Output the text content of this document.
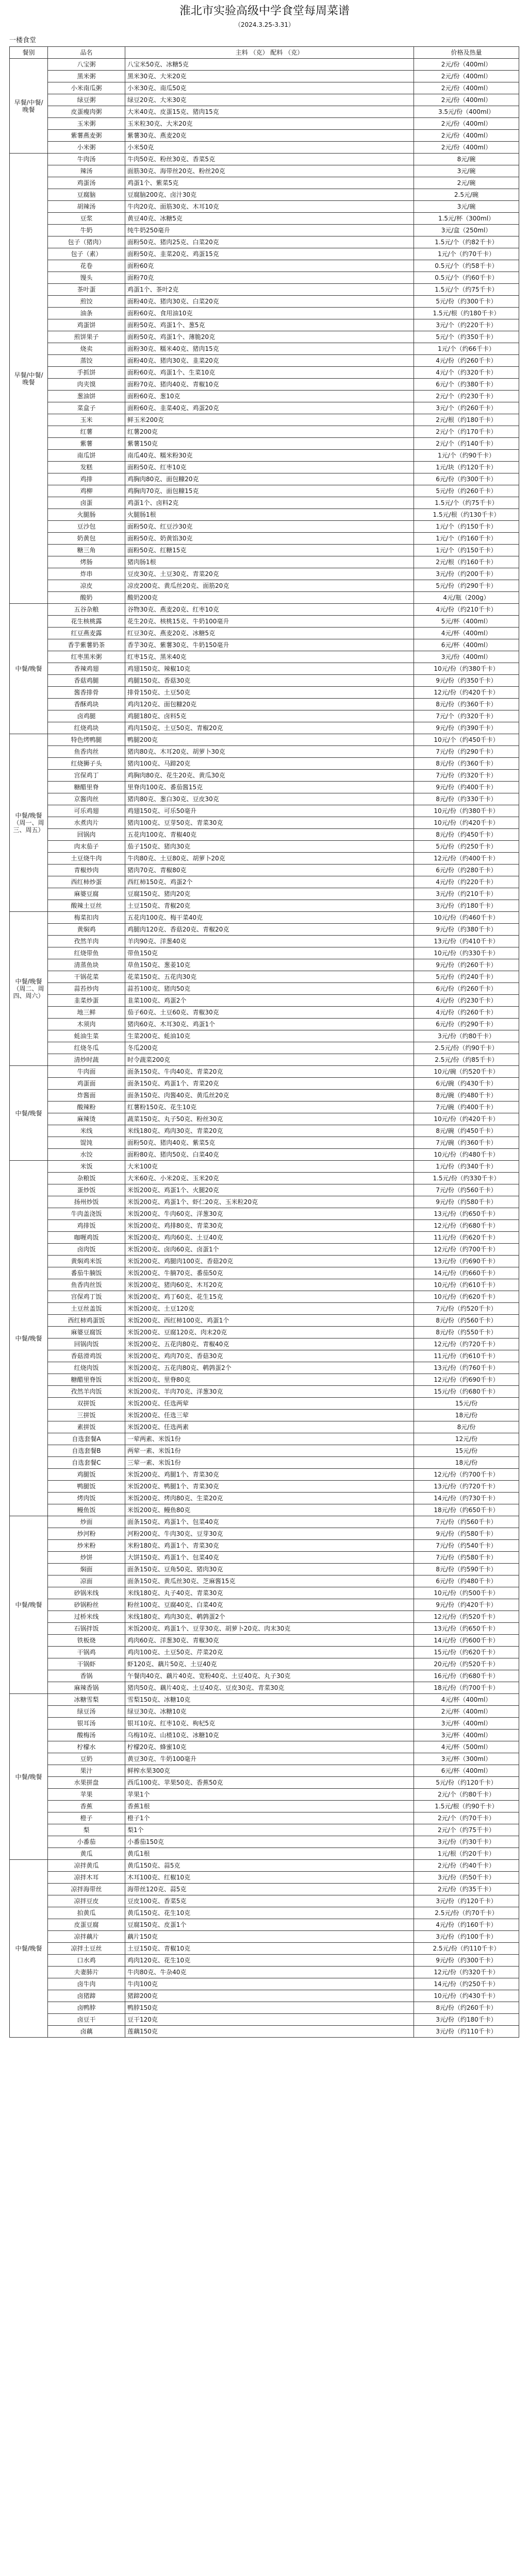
淮北市实验高级中学食堂每周菜谱
（2024.3.25-3.31）
一楼食堂
餐别	品名	主料 （克） 配料 （克）	价格及热量
早餐/中餐/晚餐	八宝粥	八宝米50克、冰糖5克	2元/份（400ml）
	黑米粥	黑米30克、大米20克	2元/份（400ml）
	小米南瓜粥	小米30克、南瓜50克	2元/份（400ml）
	绿豆粥	绿豆20克、大米30克	2元/份（400ml）
	皮蛋瘦肉粥	大米40克、皮蛋15克、猪肉15克	3.5元/份（400ml）
	玉米粥	玉米粒30克、大米20克	2元/份（400ml）
	紫薯燕麦粥	紫薯30克、燕麦20克	2元/份（400ml）
	小米粥	小米50克	2元/份（400ml）
早餐/中餐/晚餐	牛肉汤	牛肉50克、粉丝30克、香菜5克	8元/碗
	辣汤	面筋30克、海带丝20克、粉丝20克	3元/碗
	鸡蛋汤	鸡蛋1个、紫菜5克	2元/碗
	豆腐脑	豆腐脑200克、卤汁30克	2.5元/碗
	胡辣汤	牛肉20克、面筋30克、木耳10克	3元/碗
	豆浆	黄豆40克、冰糖5克	1.5元/杯（300ml）
	牛奶	纯牛奶250毫升	3元/盒（250ml）
	包子（猪肉）	面粉50克、猪肉25克、白菜20克	1.5元/个（约82千卡）
	包子（素）	面粉50克、韭菜20克、鸡蛋15克	1元/个（约70千卡）
	花卷	面粉60克	0.5元/个（约58千卡）
	馒头	面粉70克	0.5元/个（约60千卡）
	茶叶蛋	鸡蛋1个、茶叶2克	1.5元/个（约75千卡）
	煎饺	面粉40克、猪肉30克、白菜20克	5元/份（约300千卡）
	油条	面粉60克、食用油10克	1.5元/根（约180千卡）
	鸡蛋饼	面粉50克、鸡蛋1个、葱5克	3元/个（约220千卡）
	煎饼果子	面粉50克、鸡蛋1个、薄脆20克	5元/个（约350千卡）
	烧卖	面粉30克、糯米40克、猪肉15克	1元/个（约66千卡）
	蒸饺	面粉40克、猪肉30克、韭菜20克	4元/份（约260千卡）
	手抓饼	面粉60克、鸡蛋1个、生菜10克	4元/个（约320千卡）
	肉夹馍	面粉70克、猪肉40克、青椒10克	6元/个（约380千卡）
	葱油饼	面粉60克、葱10克	2元/个（约230千卡）
	菜盒子	面粉60克、韭菜40克、鸡蛋20克	3元/个（约260千卡）
	玉米	鲜玉米200克	2元/根（约180千卡）
	红薯	红薯200克	2元/个（约170千卡）
	紫薯	紫薯150克	2元/个（约140千卡）
	南瓜饼	南瓜40克、糯米粉30克	1元/个（约90千卡）
	发糕	面粉50克、红枣10克	1元/块（约120千卡）
	鸡排	鸡胸肉80克、面包糠20克	6元/份（约300千卡）
	鸡柳	鸡胸肉70克、面包糠15克	5元/份（约260千卡）
	卤蛋	鸡蛋1个、卤料2克	1.5元/个（约75千卡）
	火腿肠	火腿肠1根	1.5元/根（约130千卡）
	豆沙包	面粉50克、红豆沙30克	1元/个（约150千卡）
	奶黄包	面粉50克、奶黄馅30克	1元/个（约160千卡）
	糖三角	面粉50克、红糖15克	1元/个（约150千卡）
	烤肠	猪肉肠1根	2元/根（约160千卡）
	炸串	豆皮30克、土豆30克、青菜20克	3元/份（约200千卡）
	凉皮	凉皮200克、黄瓜丝20克、面筋20克	5元/份（约290千卡）
	酸奶	酸奶200克	4元/瓶（200g）
中餐/晚餐	五谷杂粮	谷物30克、燕麦20克、红枣10克	4元/份（约210千卡）
	花生核桃露	花生20克、核桃15克、牛奶100毫升	5元/杯（400ml）
	红豆燕麦露	红豆30克、燕麦20克、冰糖5克	4元/杯（400ml）
	香芋紫薯奶茶	香芋30克、紫薯30克、牛奶150毫升	6元/杯（400ml）
	红枣黑米粥	红枣15克、黑米40克	3元/份（400ml）
	香辣鸡翅	鸡翅150克、辣椒10克	10元/份（约380千卡）
	香菇鸡腿	鸡腿150克、香菇30克	9元/份（约350千卡）
	酱香排骨	排骨150克、土豆50克	12元/份（约420千卡）
	香酥鸡块	鸡肉120克、面包糠20克	8元/份（约360千卡）
	卤鸡腿	鸡腿180克、卤料5克	7元/个（约320千卡）
	红烧鸡块	鸡肉150克、土豆50克、青椒20克	9元/份（约390千卡）
中餐/晚餐（周一、周三、周五）	特色烤鸭腿	鸭腿200克	10元/个（约450千卡）
	鱼香肉丝	猪肉80克、木耳20克、胡萝卜30克	7元/份（约290千卡）
	红烧狮子头	猪肉100克、马蹄20克	8元/份（约360千卡）
	宫保鸡丁	鸡胸肉80克、花生20克、黄瓜30克	7元/份（约320千卡）
	糖醋里脊	里脊肉100克、番茄酱15克	9元/份（约400千卡）
	京酱肉丝	猪肉80克、葱白30克、豆皮30克	8元/份（约330千卡）
	可乐鸡翅	鸡翅150克、可乐50毫升	10元/份（约380千卡）
	水煮肉片	猪肉100克、豆芽50克、青菜30克	10元/份（约420千卡）
	回锅肉	五花肉100克、青椒40克	8元/份（约450千卡）
	肉末茄子	茄子150克、猪肉30克	5元/份（约250千卡）
	土豆烧牛肉	牛肉80克、土豆80克、胡萝卜20克	12元/份（约400千卡）
	青椒炒肉	猪肉70克、青椒80克	6元/份（约280千卡）
	西红柿炒蛋	西红柿150克、鸡蛋2个	4元/份（约220千卡）
	麻婆豆腐	豆腐150克、猪肉20克	3元/份（约210千卡）
	酸辣土豆丝	土豆150克、青椒20克	3元/份（约180千卡）
中餐/晚餐（周二、周四、周六）	梅菜扣肉	五花肉100克、梅干菜40克	10元/份（约460千卡）
	黄焖鸡	鸡腿肉120克、香菇20克、青椒20克	9元/份（约380千卡）
	孜然羊肉	羊肉90克、洋葱40克	13元/份（约410千卡）
	红烧带鱼	带鱼150克	10元/份（约330千卡）
	清蒸鱼块	草鱼150克、葱姜10克	9元/份（约260千卡）
	干锅花菜	花菜150克、五花肉30克	5元/份（约240千卡）
	蒜苔炒肉	蒜苔100克、猪肉50克	6元/份（约260千卡）
	韭菜炒蛋	韭菜100克、鸡蛋2个	4元/份（约230千卡）
	地三鲜	茄子60克、土豆60克、青椒30克	4元/份（约260千卡）
	木须肉	猪肉60克、木耳30克、鸡蛋1个	6元/份（约290千卡）
	蚝油生菜	生菜200克、蚝油10克	3元/份（约80千卡）
	红烧冬瓜	冬瓜200克	2.5元/份（约90千卡）
	清炒时蔬	时令蔬菜200克	2.5元/份（约85千卡）
中餐/晚餐	牛肉面	面条150克、牛肉40克、青菜20克	10元/碗（约520千卡）
	鸡蛋面	面条150克、鸡蛋1个、青菜20克	6元/碗（约430千卡）
	炸酱面	面条150克、肉酱40克、黄瓜丝20克	8元/碗（约480千卡）
	酸辣粉	红薯粉150克、花生10克	7元/碗（约400千卡）
	麻辣烫	蔬菜150克、丸子50克、粉丝30克	10元/份（约420千卡）
	米线	米线180克、鸡肉30克、青菜20克	8元/碗（约450千卡）
	馄饨	面粉50克、猪肉40克、紫菜5克	7元/碗（约360千卡）
	水饺	面粉80克、猪肉50克、白菜40克	10元/份（约480千卡）
中餐/晚餐	米饭	大米100克	1元/份（约340千卡）
	杂粮饭	大米60克、小米20克、玉米20克	1.5元/份（约330千卡）
	蛋炒饭	米饭200克、鸡蛋1个、火腿20克	7元/份（约560千卡）
	扬州炒饭	米饭200克、鸡蛋1个、虾仁20克、玉米粒20克	9元/份（约580千卡）
	牛肉盖浇饭	米饭200克、牛肉60克、洋葱30克	13元/份（约650千卡）
	鸡排饭	米饭200克、鸡排80克、青菜30克	12元/份（约680千卡）
	咖喱鸡饭	米饭200克、鸡肉60克、土豆40克	11元/份（约620千卡）
	卤肉饭	米饭200克、卤肉60克、卤蛋1个	12元/份（约700千卡）
	黄焖鸡米饭	米饭200克、鸡腿肉100克、香菇20克	13元/份（约690千卡）
	番茄牛腩饭	米饭200克、牛腩70克、番茄50克	14元/份（约660千卡）
	鱼香肉丝饭	米饭200克、猪肉60克、木耳20克	10元/份（约610千卡）
	宫保鸡丁饭	米饭200克、鸡丁60克、花生15克	10元/份（约620千卡）
	土豆丝盖饭	米饭200克、土豆120克	7元/份（约520千卡）
	西红柿鸡蛋饭	米饭200克、西红柿100克、鸡蛋1个	8元/份（约560千卡）
	麻婆豆腐饭	米饭200克、豆腐120克、肉末20克	8元/份（约550千卡）
	回锅肉饭	米饭200克、五花肉80克、青椒40克	12元/份（约720千卡）
	香菇滑鸡饭	米饭200克、鸡肉70克、香菇30克	11元/份（约610千卡）
	红烧肉饭	米饭200克、五花肉80克、鹌鹑蛋2个	13元/份（约760千卡）
	糖醋里脊饭	米饭200克、里脊80克	12元/份（约690千卡）
	孜然羊肉饭	米饭200克、羊肉70克、洋葱30克	15元/份（约680千卡）
	双拼饭	米饭200克、任选两荤	15元/份
	三拼饭	米饭200克、任选三荤	18元/份
	素拼饭	米饭200克、任选两素	8元/份
	自选套餐A	一荤两素、米饭1份	12元/份
	自选套餐B	两荤一素、米饭1份	15元/份
	自选套餐C	三荤一素、米饭1份	18元/份
	鸡腿饭	米饭200克、鸡腿1个、青菜30克	12元/份（约700千卡）
	鸭腿饭	米饭200克、鸭腿1个、青菜30克	13元/份（约720千卡）
	烤肉饭	米饭200克、烤肉80克、生菜20克	14元/份（约730千卡）
	鳗鱼饭	米饭200克、鳗鱼80克	18元/份（约650千卡）
中餐/晚餐	炒面	面条150克、鸡蛋1个、包菜40克	7元/份（约560千卡）
	炒河粉	河粉200克、牛肉30克、豆芽30克	9元/份（约580千卡）
	炒米粉	米粉180克、鸡蛋1个、青菜30克	7元/份（约540千卡）
	炒饼	大饼150克、鸡蛋1个、包菜40克	7元/份（约580千卡）
	焖面	面条150克、豆角50克、猪肉30克	8元/份（约590千卡）
	凉面	面条150克、黄瓜丝30克、芝麻酱15克	6元/份（约480千卡）
	砂锅米线	米线180克、丸子40克、青菜30克	10元/份（约500千卡）
	砂锅粉丝	粉丝100克、豆腐40克、白菜40克	9元/份（约420千卡）
	过桥米线	米线180克、鸡肉30克、鹌鹑蛋2个	12元/份（约520千卡）
	石锅拌饭	米饭200克、鸡蛋1个、豆芽30克、胡萝卜20克、肉末30克	13元/份（约650千卡）
	铁板烧	鸡肉60克、洋葱30克、青椒30克	14元/份（约600千卡）
	干锅鸡	鸡肉100克、土豆50克、芹菜20克	15元/份（约620千卡）
	干锅虾	虾120克、藕片50克、土豆40克	20元/份（约520千卡）
	香锅	午餐肉40克、藕片40克、宽粉40克、土豆40克、丸子30克	16元/份（约680千卡）
	麻辣香锅	猪肉50克、藕片40克、土豆40克、豆皮30克、青菜30克	18元/份（约700千卡）
中餐/晚餐	冰糖雪梨	雪梨150克、冰糖10克	4元/杯（400ml）
	绿豆汤	绿豆30克、冰糖10克	2元/杯（400ml）
	银耳汤	银耳10克、红枣10克、枸杞5克	3元/杯（400ml）
	酸梅汤	乌梅10克、山楂10克、冰糖10克	3元/杯（400ml）
	柠檬水	柠檬20克、蜂蜜10克	4元/杯（500ml）
	豆奶	黄豆30克、牛奶100毫升	3元/杯（300ml）
	果汁	鲜榨水果300克	6元/杯（400ml）
	水果拼盘	西瓜100克、苹果50克、香蕉50克	5元/份（约120千卡）
	苹果	苹果1个	2元/个（约80千卡）
	香蕉	香蕉1根	1.5元/根（约90千卡）
	橙子	橙子1个	2元/个（约70千卡）
	梨	梨1个	2元/个（约75千卡）
	小番茄	小番茄150克	3元/份（约30千卡）
	黄瓜	黄瓜1根	1元/根（约20千卡）
中餐/晚餐	凉拌黄瓜	黄瓜150克、蒜5克	2元/份（约40千卡）
	凉拌木耳	木耳100克、红椒10克	3元/份（约50千卡）
	凉拌海带丝	海带丝120克、蒜5克	2元/份（约35千卡）
	凉拌豆皮	豆皮100克、香菜5克	3元/份（约120千卡）
	拍黄瓜	黄瓜150克、花生10克	2.5元/份（约70千卡）
	皮蛋豆腐	豆腐150克、皮蛋1个	4元/份（约160千卡）
	凉拌藕片	藕片150克	3元/份（约100千卡）
	凉拌土豆丝	土豆150克、青椒10克	2.5元/份（约110千卡）
	口水鸡	鸡肉120克、花生10克	9元/份（约300千卡）
	夫妻肺片	牛肉80克、牛杂40克	12元/份（约320千卡）
	卤牛肉	牛肉100克	14元/份（约250千卡）
	卤猪蹄	猪蹄200克	10元/份（约430千卡）
	卤鸭脖	鸭脖150克	8元/份（约260千卡）
	卤豆干	豆干120克	3元/份（约180千卡）
	卤藕	莲藕150克	3元/份（约110千卡）
